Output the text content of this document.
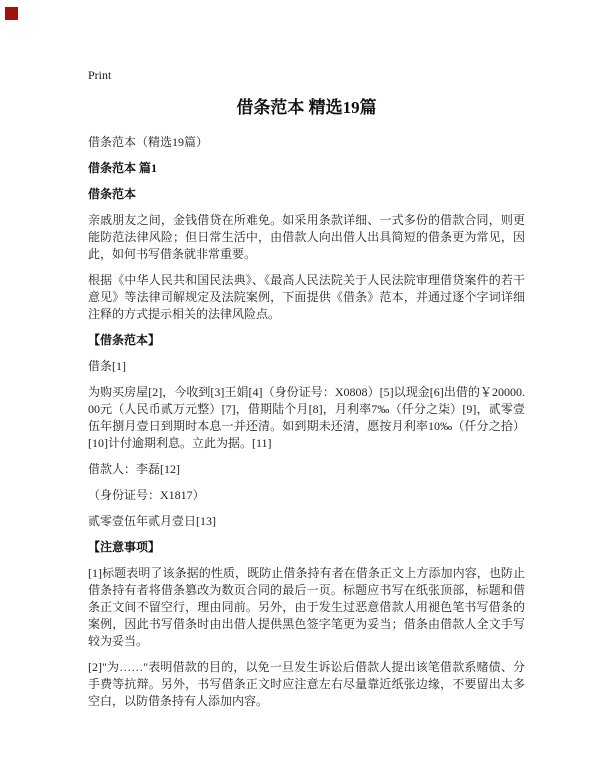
Print
借条范本 精选19篇

借条范本（精选19篇）

借条范本 篇1

借条范本

亲戚朋友之间，金钱借贷在所难免。如采用条款详细、一式多份的借款合同，则更能防范法律风险；但日常生活中，由借款人向出借人出具简短的借条更为常见，因此，如何书写借条就非常重要。

根据《中华人民共和国民法典》、《最高人民法院关于人民法院审理借贷案件的若干意见》等法律司解规定及法院案例，下面提供《借条》范本，并通过逐个字词详细注释的方式提示相关的法律风险点。

【借条范本】

借条[1]

为购买房屋[2]，今收到[3]王娟[4]（身份证号：X0808）[5]以现金[6]出借的￥20000.00元（人民币贰万元整）[7]，借期陆个月[8]，月利率7‰（仟分之柒）[9]，贰零壹伍年捌月壹日到期时本息一并还清。如到期未还清，愿按月利率10‰（仟分之拾）[10]计付逾期利息。立此为据。[11]

借款人：李磊[12]

（身份证号：X1817）

贰零壹伍年贰月壹日[13]

【注意事项】

[1]标题表明了该条据的性质，既防止借条持有者在借条正文上方添加内容，也防止借条持有者将借条篡改为数页合同的最后一页。标题应书写在纸张顶部，标题和借条正文间不留空行，理由同前。另外，由于发生过恶意借款人用褪色笔书写借条的案例，因此书写借条时由出借人提供黑色签字笔更为妥当；借条由借款人全文手写较为妥当。

[2]"为……"表明借款的目的，以免一旦发生诉讼后借款人提出该笔借款系赌债、分手费等抗辩。另外，书写借条正文时应注意左右尽量靠近纸张边缘，不要留出太多空白，以防借条持有人添加内容。
